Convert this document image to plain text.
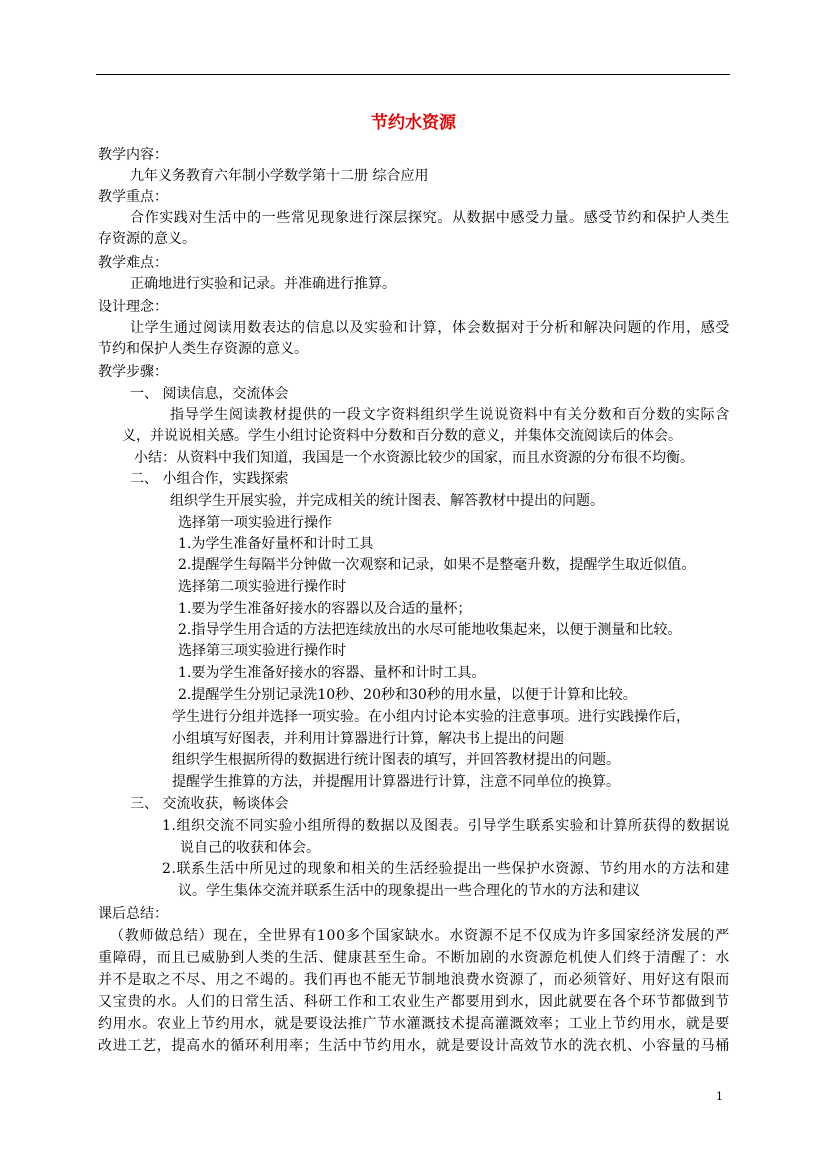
节约水资源
教学内容：
九年义务教育六年制小学数学第十二册 综合应用
教学重点：
合作实践对生活中的一些常见现象进行深层探究。从数据中感受力量。感受节约和保护人类生
存资源的意义。
教学难点：
正确地进行实验和记录。并准确进行推算。
设计理念：
让学生通过阅读用数表达的信息以及实验和计算，体会数据对于分析和解决问题的作用，感受
节约和保护人类生存资源的意义。
教学步骤：
一、 阅读信息，交流体会
指导学生阅读教材提供的一段文字资料组织学生说说资料中有关分数和百分数的实际含
义，并说说相关感。学生小组讨论资料中分数和百分数的意义，并集体交流阅读后的体会。
小结：从资料中我们知道，我国是一个水资源比较少的国家，而且水资源的分布很不均衡。
二、 小组合作，实践探索
组织学生开展实验，并完成相关的统计图表、解答教材中提出的问题。
选择第一项实验进行操作
1.为学生准备好量杯和计时工具
2.提醒学生每隔半分钟做一次观察和记录，如果不是整毫升数，提醒学生取近似值。
选择第二项实验进行操作时
1.要为学生准备好接水的容器以及合适的量杯；
2.指导学生用合适的方法把连续放出的水尽可能地收集起来，以便于测量和比较。
选择第三项实验进行操作时
1.要为学生准备好接水的容器、量杯和计时工具。
2.提醒学生分别记录洗10秒、20秒和30秒的用水量，以便于计算和比较。
学生进行分组并选择一项实验。在小组内讨论本实验的注意事项。进行实践操作后，
小组填写好图表，并利用计算器进行计算，解决书上提出的问题
组织学生根据所得的数据进行统计图表的填写，并回答教材提出的问题。
提醒学生推算的方法，并提醒用计算器进行计算，注意不同单位的换算。
三、 交流收获，畅谈体会
1.组织交流不同实验小组所得的数据以及图表。引导学生联系实验和计算所获得的数据说
说自己的收获和体会。
2.联系生活中所见过的现象和相关的生活经验提出一些保护水资源、节约用水的方法和建
议。学生集体交流并联系生活中的现象提出一些合理化的节水的方法和建议
课后总结：
（教师做总结）现在，全世界有100多个国家缺水。水资源不足不仅成为许多国家经济发展的严
重障碍，而且已威胁到人类的生活、健康甚至生命。不断加剧的水资源危机使人们终于清醒了：水
并不是取之不尽、用之不竭的。我们再也不能无节制地浪费水资源了，而必须管好、用好这有限而
又宝贵的水。人们的日常生活、科研工作和工农业生产都要用到水，因此就要在各个环节都做到节
约用水。农业上节约用水，就是要设法推广节水灌溉技术提高灌溉效率；工业上节约用水，就是要
改进工艺，提高水的循环利用率；生活中节约用水，就是要设计高效节水的洗衣机、小容量的马桶
1
